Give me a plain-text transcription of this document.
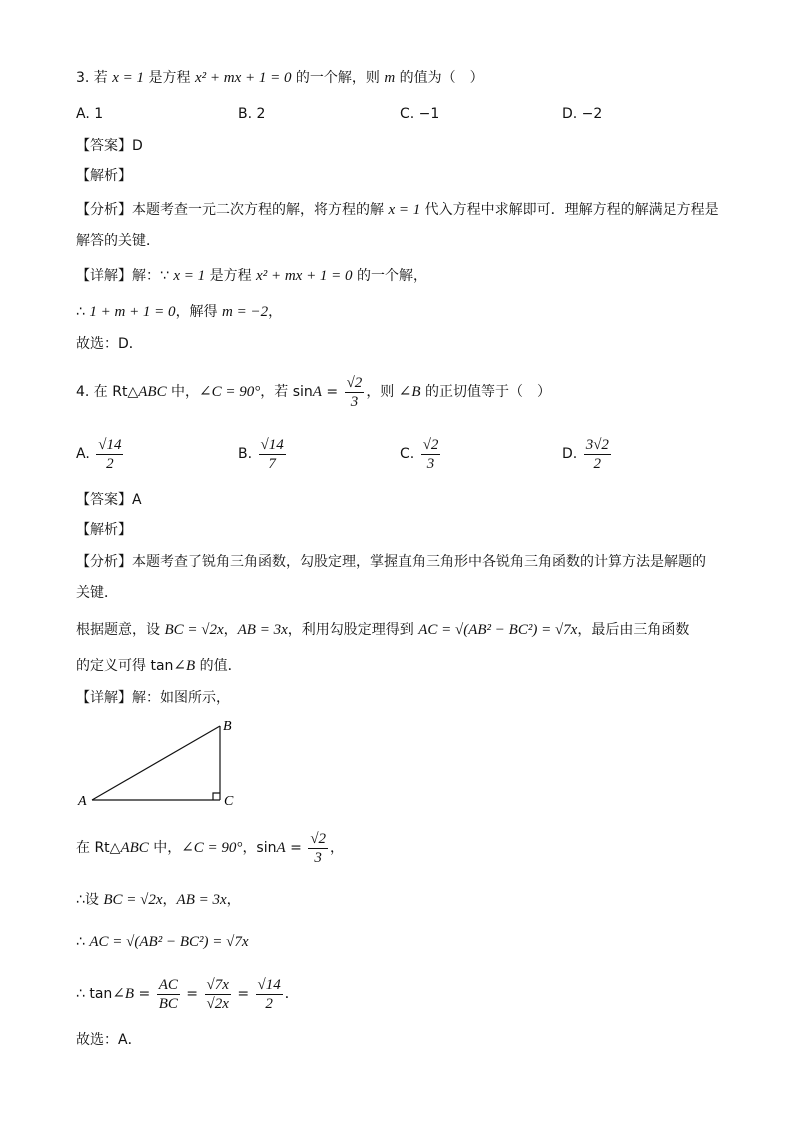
3. 若 x = 1 是方程 x² + mx + 1 = 0 的一个解，则 m 的值为（　）
A. 1	B. 2	C. −1	D. −2
【答案】D
【解析】
【分析】本题考查一元二次方程的解，将方程的解 x = 1 代入方程中求解即可．理解方程的解满足方程是
解答的关键．
【详解】解：∵ x = 1 是方程 x² + mx + 1 = 0 的一个解，
∴ 1 + m + 1 = 0，解得 m = −2，
故选：D．
4. 在 Rt△ABC 中，∠C = 90°，若 $\sin A = \frac{√2}{3}$ ，则 ∠B 的正切值等于（　）
A. $\frac{√14}{2}$	B. $\frac{√14}{7}$	C. $\frac{√2}{3}$	D. $\frac{3√2}{2}$
【答案】A
【解析】
【分析】本题考查了锐角三角函数，勾股定理，掌握直角三角形中各锐角三角函数的计算方法是解题的
关键．
根据题意，设 BC = √2x，AB = 3x，利用勾股定理得到 AC = √(AB² − BC²) = √7x，最后由三角函数
的定义可得 tan∠B 的值．
【详解】解：如图所示，
A
B
C
在 Rt△ABC 中，∠C = 90°，$\sin A = \frac{√2}{3}$ ，
∴设 BC = √2x，AB = 3x，
∴ AC = √(AB² − BC²) = √7x
∴ tan∠B = $\frac{AC}{BC} = \frac{√7x}{√2x} = \frac{√14}{2}$ ．
故选：A．
